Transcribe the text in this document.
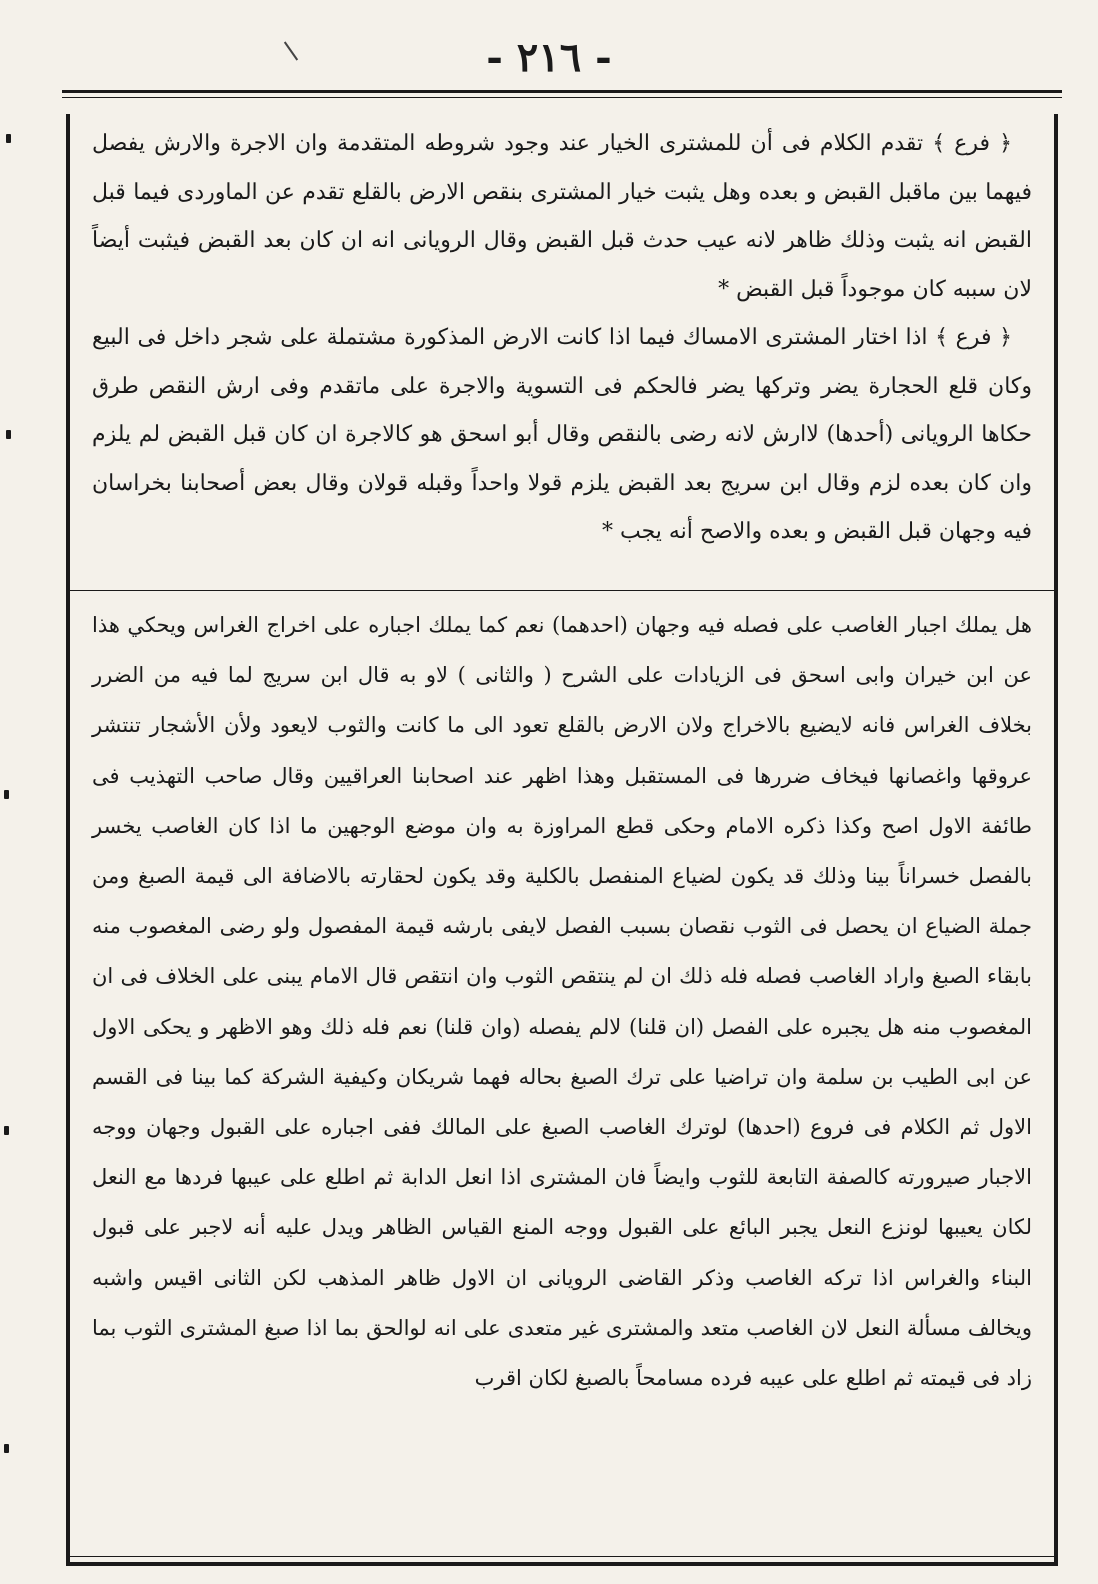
- ٢١٦ -

﴿ فرع ﴾ تقدم الكلام فى أن للمشترى الخيار عند وجود شروطه المتقدمة وان الاجرة والارش يفصل فيهما بين ماقبل القبض و بعده وهل يثبت خيار المشترى بنقص الارض بالقلع تقدم عن الماوردى فيما قبل القبض انه يثبت وذلك ظاهر لانه عيب حدث قبل القبض وقال الرويانى انه ان كان بعد القبض فيثبت أيضاً لان سببه كان موجوداً قبل القبض *

﴿ فرع ﴾ اذا اختار المشترى الامساك فيما اذا كانت الارض المذكورة مشتملة على شجر داخل فى البيع وكان قلع الحجارة يضر وتركها يضر فالحكم فى التسوية والاجرة على ماتقدم وفى ارش النقص طرق حكاها الرويانى (أحدها) لاارش لانه رضى بالنقص وقال أبو اسحق هو كالاجرة ان كان قبل القبض لم يلزم وان كان بعده لزم وقال ابن سريج بعد القبض يلزم قولا واحداً وقبله قولان وقال بعض أصحابنا بخراسان فيه وجهان قبل القبض و بعده والاصح أنه يجب *

هل يملك اجبار الغاصب على فصله فيه وجهان (احدهما) نعم كما يملك اجباره على اخراج الغراس ويحكي هذا عن ابن خيران وابى اسحق فى الزيادات على الشرح ( والثانى ) لاو به قال ابن سريج لما فيه من الضرر بخلاف الغراس فانه لايضيع بالاخراج ولان الارض بالقلع تعود الى ما كانت والثوب لايعود ولأن الأشجار تنتشر عروقها واغصانها فيخاف ضررها فى المستقبل وهذا اظهر عند اصحابنا العراقيين وقال صاحب التهذيب فى طائفة الاول اصح وكذا ذكره الامام وحكى قطع المراوزة به وان موضع الوجهين ما اذا كان الغاصب يخسر بالفصل خسراناً بينا وذلك قد يكون لضياع المنفصل بالكلية وقد يكون لحقارته بالاضافة الى قيمة الصبغ ومن جملة الضياع ان يحصل فى الثوب نقصان بسبب الفصل لايفى بارشه قيمة المفصول ولو رضى المغصوب منه بابقاء الصبغ واراد الغاصب فصله فله ذلك ان لم ينتقص الثوب وان انتقص قال الامام يبنى على الخلاف فى ان المغصوب منه هل يجبره على الفصل (ان قلنا) لالم يفصله (وان قلنا) نعم فله ذلك وهو الاظهر و يحكى الاول عن ابى الطيب بن سلمة وان تراضيا على ترك الصبغ بحاله فهما شريكان وكيفية الشركة كما بينا فى القسم الاول ثم الكلام فى فروع (احدها) لوترك الغاصب الصبغ على المالك ففى اجباره على القبول وجهان ووجه الاجبار صيرورته كالصفة التابعة للثوب وايضاً فان المشترى اذا انعل الدابة ثم اطلع على عيبها فردها مع النعل لكان يعيبها لونزع النعل يجبر البائع على القبول ووجه المنع القياس الظاهر ويدل عليه أنه لاجبر على قبول البناء والغراس اذا تركه الغاصب وذكر القاضى الرويانى ان الاول ظاهر المذهب لكن الثانى اقيس واشبه ويخالف مسألة النعل لان الغاصب متعد والمشترى غير متعدى على انه لوالحق بما اذا صبغ المشترى الثوب بما زاد فى قيمته ثم اطلع على عيبه فرده مسامحاً بالصبغ لكان اقرب
